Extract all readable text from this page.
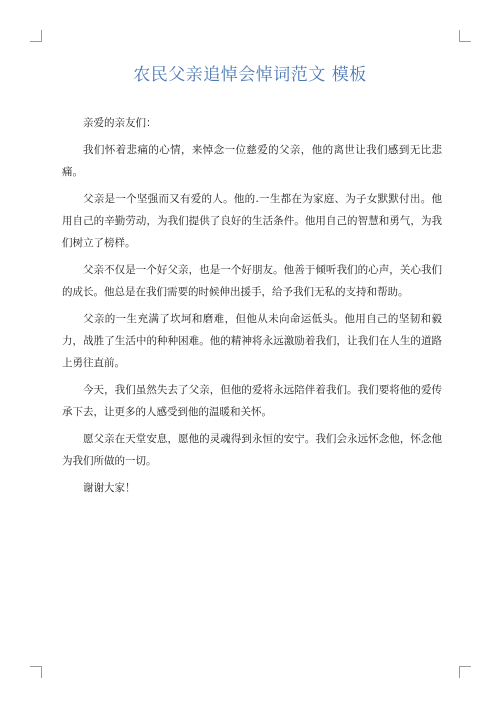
农民父亲追悼会悼词范文 模板

亲爱的亲友们：

我们怀着悲痛的心情，来悼念一位慈爱的父亲，他的离世让我们感到无比悲痛。

父亲是一个坚强而又有爱的人。他的.一生都在为家庭、为子女默默付出。他用自己的辛勤劳动，为我们提供了良好的生活条件。他用自己的智慧和勇气，为我们树立了榜样。

父亲不仅是一个好父亲，也是一个好朋友。他善于倾听我们的心声，关心我们的成长。他总是在我们需要的时候伸出援手，给予我们无私的支持和帮助。

父亲的一生充满了坎坷和磨难，但他从未向命运低头。他用自己的坚韧和毅力，战胜了生活中的种种困难。他的精神将永远激励着我们，让我们在人生的道路上勇往直前。

今天，我们虽然失去了父亲，但他的爱将永远陪伴着我们。我们要将他的爱传承下去，让更多的人感受到他的温暖和关怀。

愿父亲在天堂安息，愿他的灵魂得到永恒的安宁。我们会永远怀念他，怀念他为我们所做的一切。

谢谢大家！
